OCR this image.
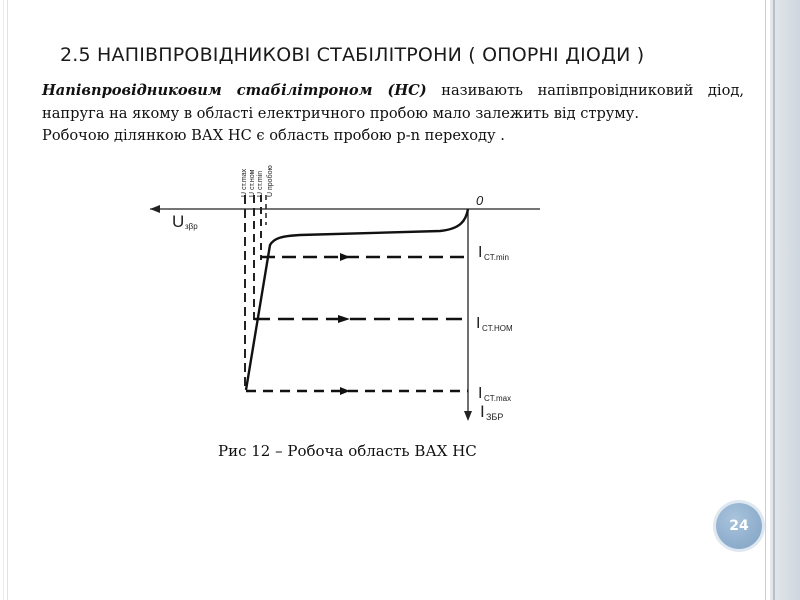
2.5 НАПІВПРОВІДНИКОВІ СТАБІЛІТРОНИ ( ОПОРНІ ДІОДИ )
Напівпровідниковим стабілітроном (НС) називають напівпровідниковий діод, напруга на якому в області електричного пробою мало залежить від струму.
Робочою ділянкою ВАХ НС є область пробою p-n переходу .
0
U зβр
I ЗБР
U ст.max U ст.ном U ст.min U пробою
I CT.min
I CT.HOM
I CT.max
Рис 12 – Робоча область ВАХ НС
24
